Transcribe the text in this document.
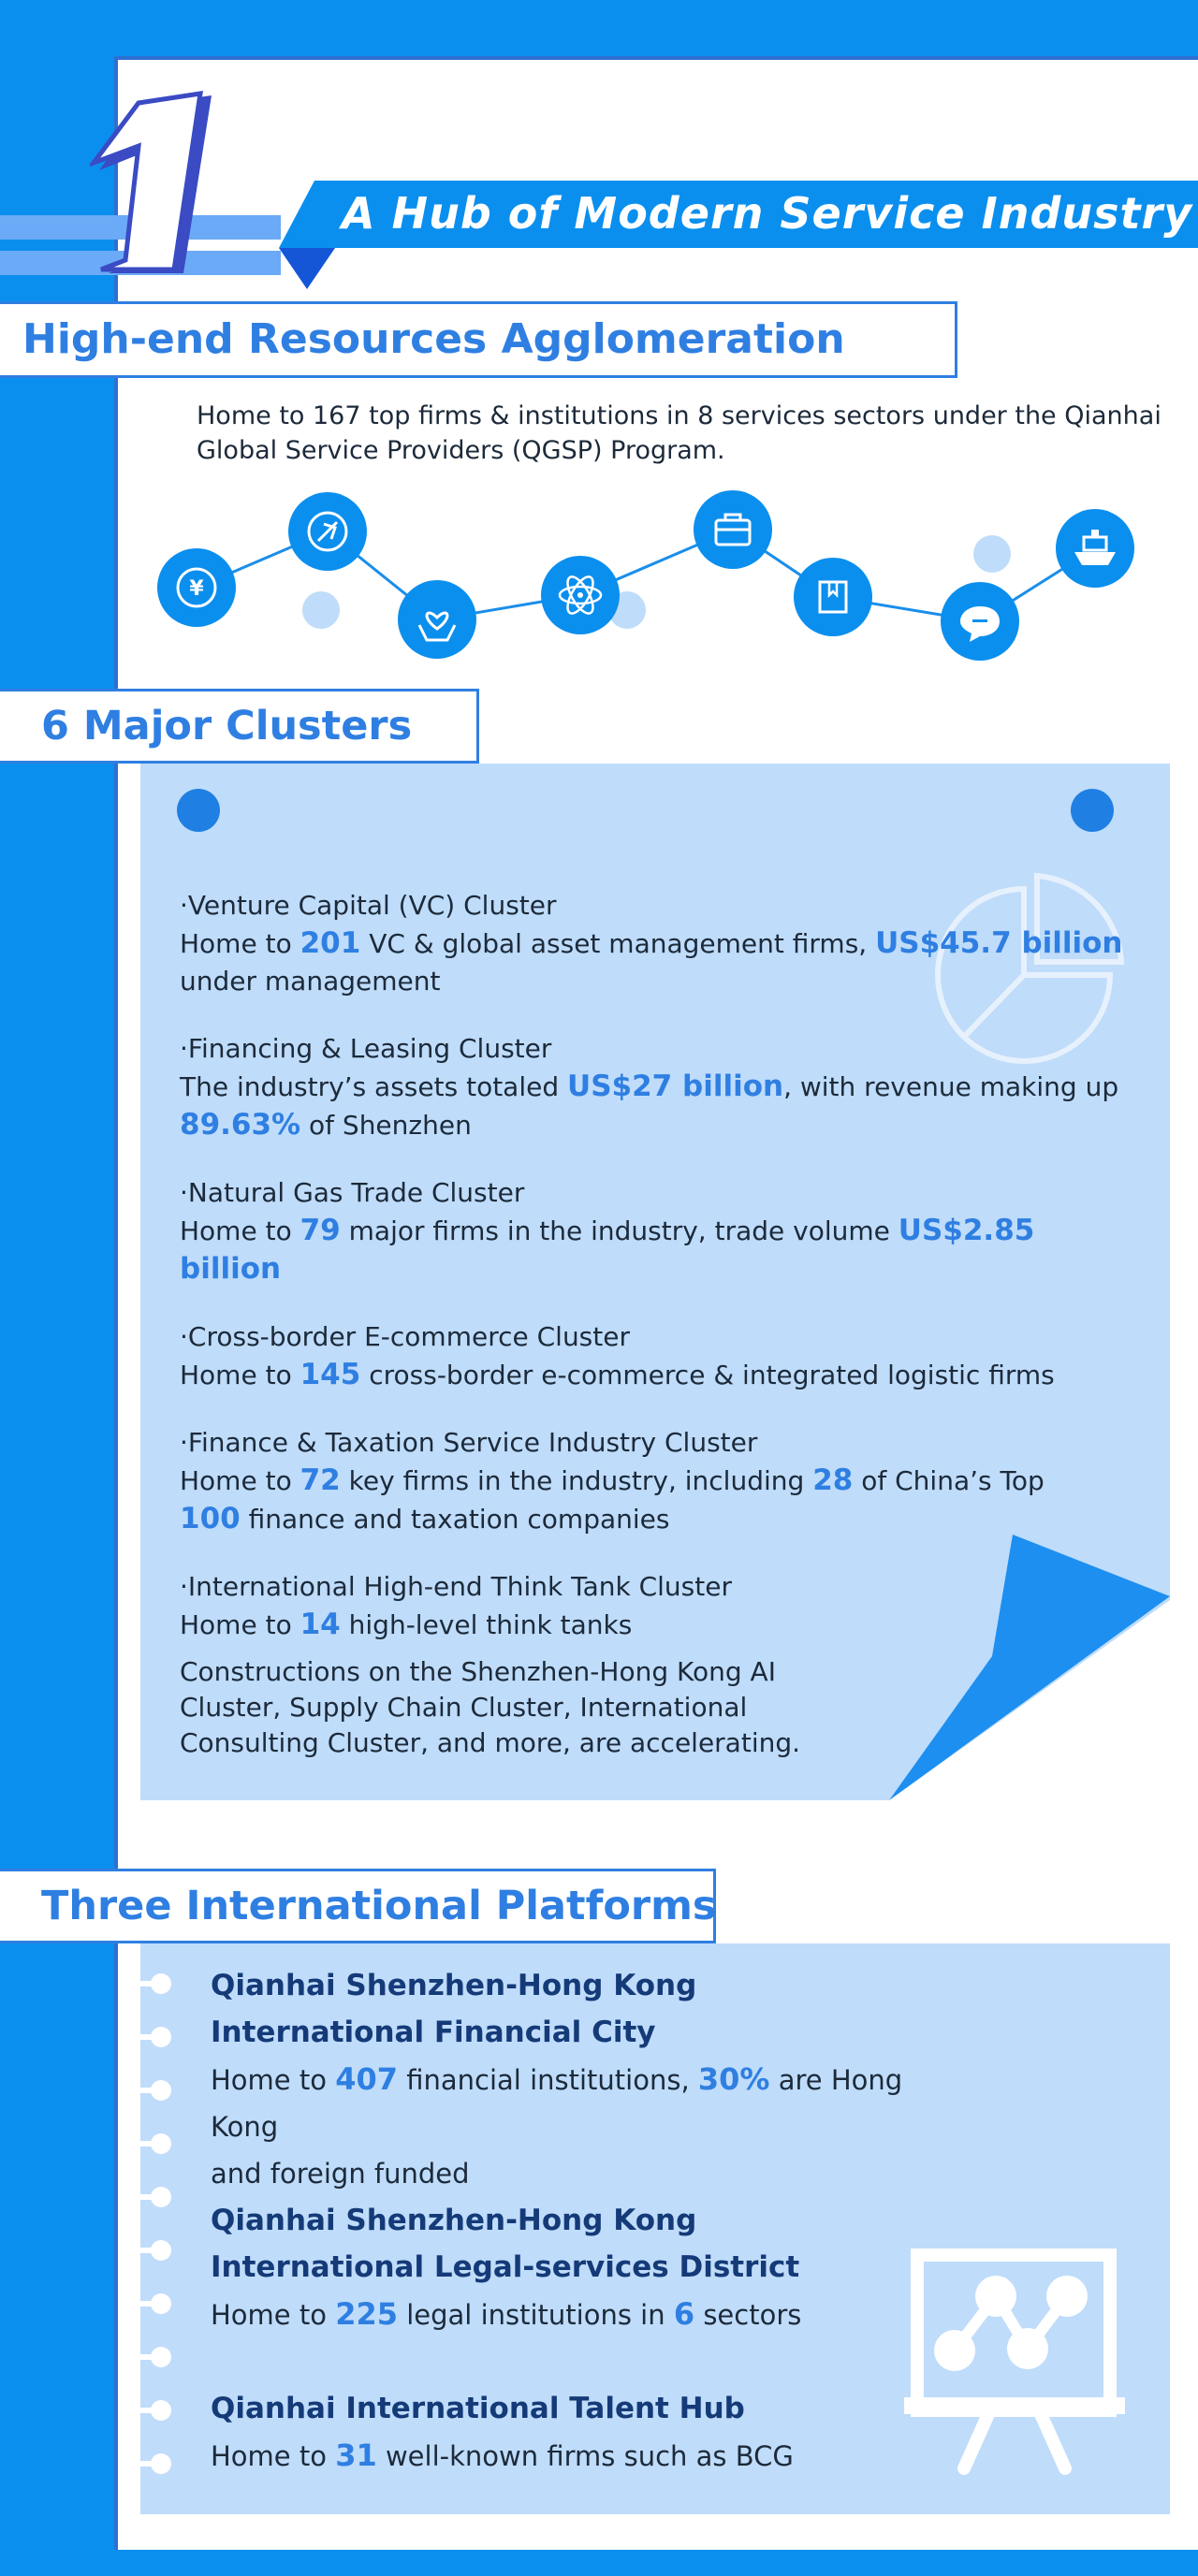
A Hub of Modern Service Industry
High-end Resources Agglomeration
Home to 167 top firms & institutions in 8 services sectors under the Qianhai Global Service Providers (QGSP) Program.
¥
6 Major Clusters
·Venture Capital (VC) Cluster
Home to 201 VC & global asset management firms, US$45.7 billion
under management
·Financing & Leasing Cluster
The industry’s assets totaled US$27 billion, with revenue making up
89.63% of Shenzhen
·Natural Gas Trade Cluster
Home to 79 major firms in the industry, trade volume US$2.85 billion
·Cross-border E-commerce Cluster
Home to 145 cross-border e-commerce & integrated logistic firms
·Finance & Taxation Service Industry Cluster
Home to 72 key firms in the industry, including 28 of China’s Top
100 finance and taxation companies
·International High-end Think Tank Cluster
Home to 14 high-level think tanks
Constructions on the Shenzhen-Hong Kong AI
Cluster, Supply Chain Cluster, International
Consulting Cluster, and more, are accelerating.
Three International Platforms
Qianhai Shenzhen-Hong Kong
International Financial City
Home to 407 financial institutions, 30% are Hong Kong
and foreign funded
Qianhai Shenzhen-Hong Kong
International Legal-services District
Home to 225 legal institutions in 6 sectors
Qianhai International Talent Hub
Home to 31 well-known firms such as BCG
